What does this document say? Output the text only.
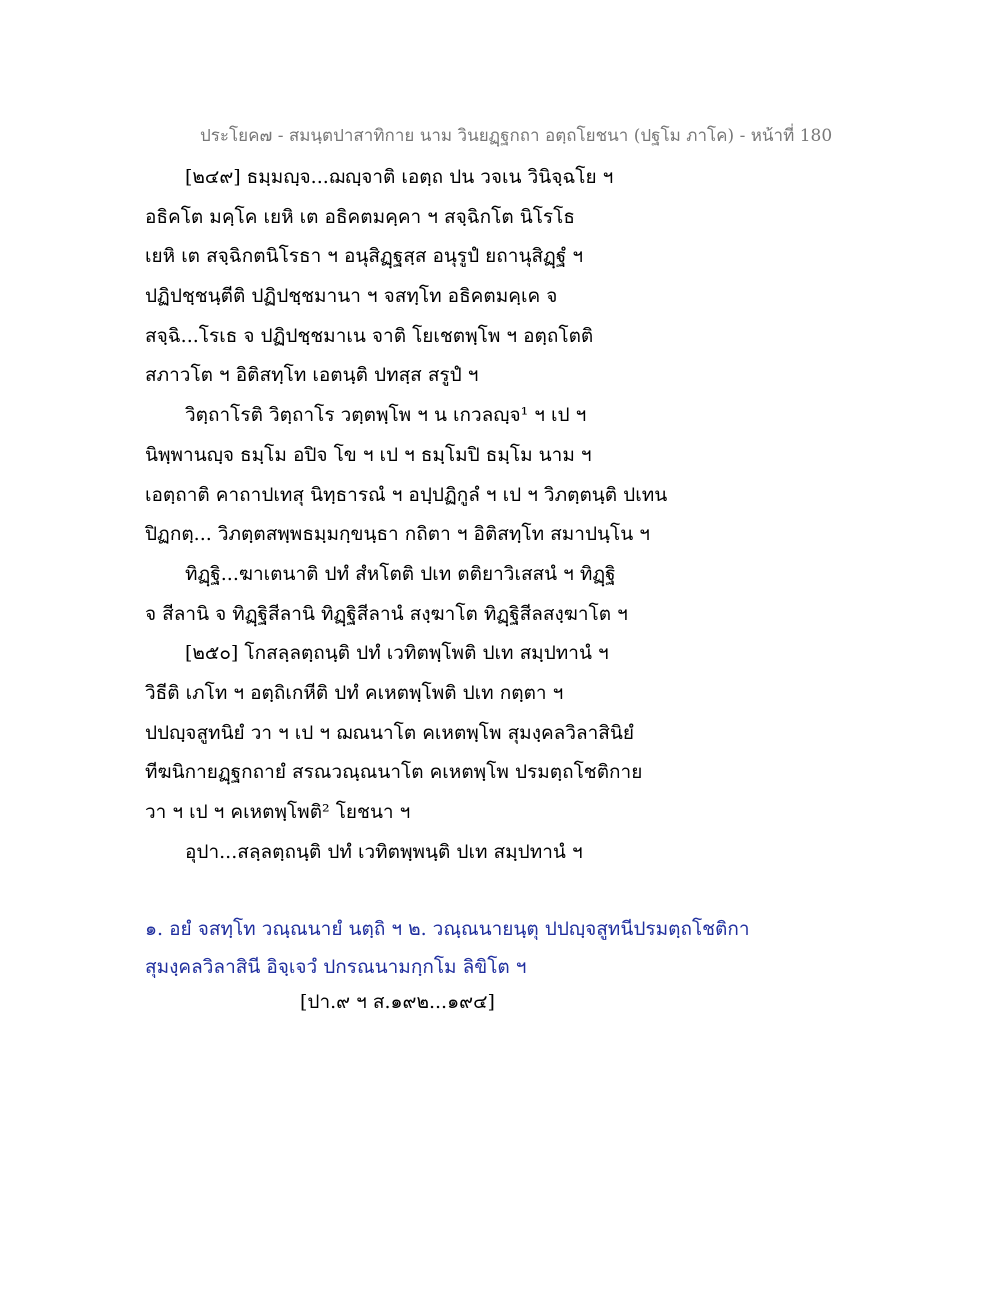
ประโยค๗ - สมนฺตปาสาทิกาย นาม วินยฏฺฐกถา อตฺถโยชนา (ปฐโม ภาโค) - หน้าที่ 180
[๒๔๙] ธมฺมญฺจ...ฌญฺจาติ เอตฺถ ปน วจเน วินิจฺฉโย ฯ
อธิคโต มคฺโค เยหิ เต อธิคตมคฺคา ฯ สจฺฉิกโต นิโรโธ
เยหิ เต สจฺฉิกตนิโรธา ฯ อนุสิฏฺฐสฺส อนุรูปํ ยถานุสิฏฺฐํ ฯ
ปฏิปชฺชนฺตีติ ปฏิปชฺชมานา ฯ จสทฺโท อธิคตมคฺเค จ
สจฺฉิ...โรเธ จ ปฏิปชฺชมาเน จาติ โยเชตพฺโพ ฯ อตฺถโตติ
สภาวโต ฯ อิติสทฺโท เอตนฺติ ปทสฺส สรูปํ ฯ
วิตฺถาโรติ วิตฺถาโร วตฺตพฺโพ ฯ น เกวลญฺจ¹ ฯ เป ฯ
นิพฺพานญฺจ ธมฺโม อปิจ โข ฯ เป ฯ ธมฺโมปิ ธมฺโม นาม ฯ
เอตฺถาติ คาถาปเทสุ นิทฺธารณํ ฯ อปฺปฏิกูลํ ฯ เป ฯ วิภตฺตนฺติ ปเทน
ปิฏกตฺ... วิภตฺตสพฺพธมฺมกฺขนฺธา กถิตา ฯ อิติสทฺโท สมาปนฺโน ฯ
ทิฏฺฐิ...ฆาเตนาติ ปทํ สํหโตติ ปเท ตติยาวิเสสนํ ฯ ทิฏฺฐิ
จ สีลานิ จ ทิฏฺฐิสีลานิ ทิฏฺฐิสีลานํ สงฺฆาโต ทิฏฺฐิสีลสงฺฆาโต ฯ
[๒๕๐] โกสลฺลตฺถนฺติ ปทํ เวทิตพฺโพติ ปเท สมฺปทานํ ฯ
วิธีติ เภโท ฯ อตฺถิเกหีติ ปทํ คเหตพฺโพติ ปเท กตฺตา ฯ
ปปญฺจสูทนิยํ วา ฯ เป ฯ ฌณนาโต คเหตพฺโพ สุมงฺคลวิลาสินิยํ
ทีฆนิกายฏฺฐกถายํ สรณวณฺณนาโต คเหตพฺโพ ปรมตฺถโชติกาย
วา ฯ เป ฯ คเหตพฺโพติ² โยชนา ฯ
อุปา...สลฺลตฺถนฺติ ปทํ เวทิตพฺพนฺติ ปเท สมฺปทานํ ฯ
๑. อยํ จสทฺโท วณฺณนายํ นตฺถิ ฯ ๒. วณฺณนายนฺตุ ปปญฺจสูทนีปรมตฺถโชติกา
สุมงฺคลวิลาสินี อิจฺเจวํ ปกรณนามกฺกโม ลิขิโต ฯ
[ปา.๙ ฯ ส.๑๙๒...๑๙๔]
